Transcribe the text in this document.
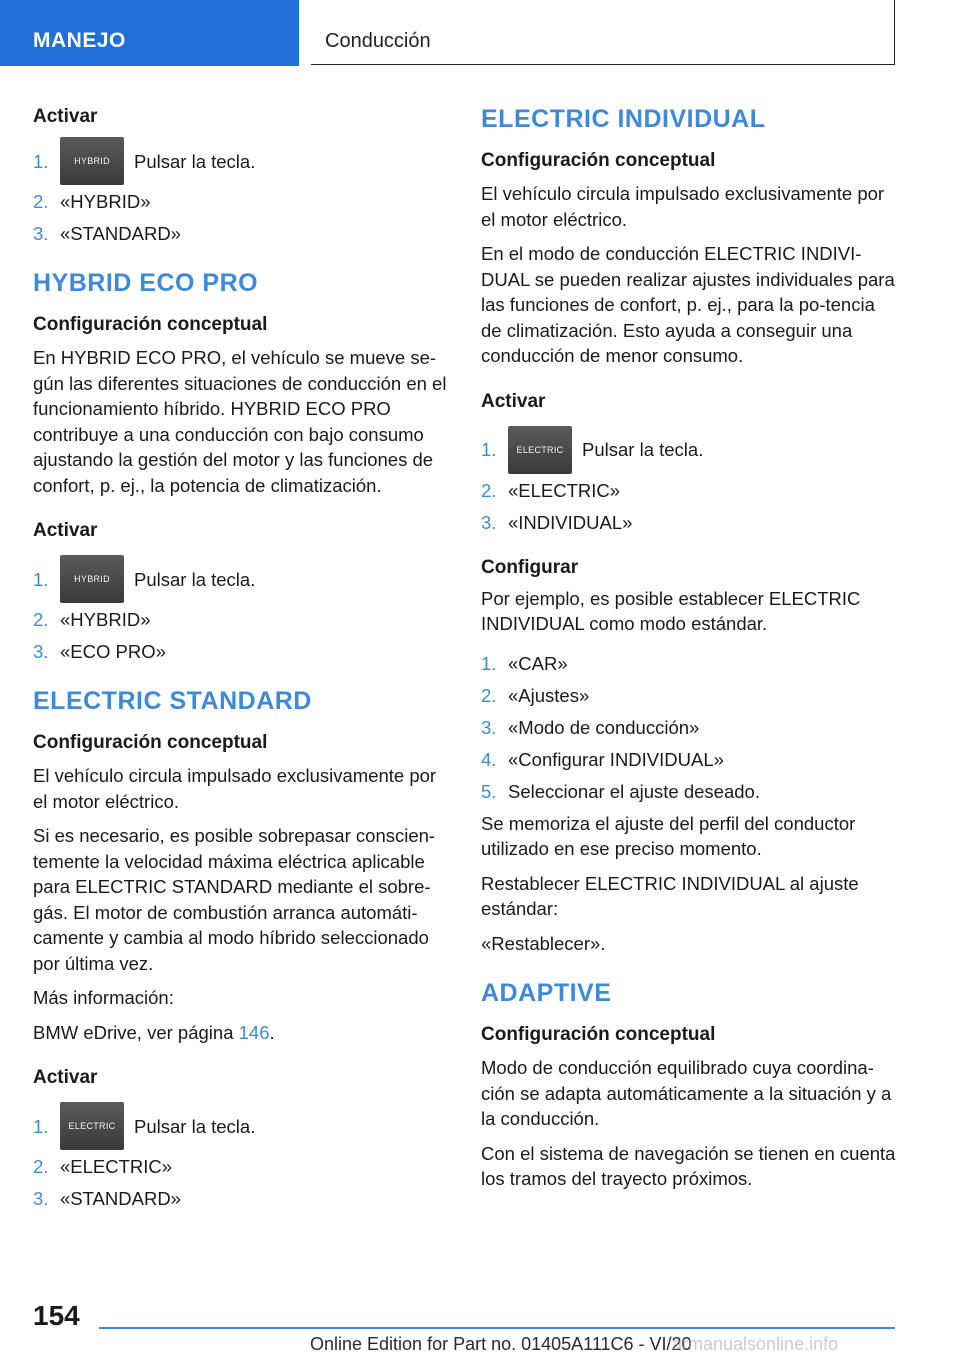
MANEJO	Conducción
Activar
1.	HYBRID	Pulsar la tecla.
2. «HYBRID»
3. «STANDARD»
HYBRID ECO PRO
Configuración conceptual

En HYBRID ECO PRO, el vehículo se mueve se‐gún las diferentes situaciones de conducción en el funcionamiento híbrido. HYBRID ECO PRO contribuye a una conducción con bajo consumo ajustando la gestión del motor y las funciones de confort, p. ej., la potencia de climatización.

Activar
1.	HYBRID	Pulsar la tecla.
2. «HYBRID»
3. «ECO PRO»
ELECTRIC STANDARD
Configuración conceptual

El vehículo circula impulsado exclusivamente por el motor eléctrico.

Si es necesario, es posible sobrepasar conscien‐temente la velocidad máxima eléctrica aplicable para ELECTRIC STANDARD mediante el sobre‐gás. El motor de combustión arranca automáti‐camente y cambia al modo híbrido seleccionado por última vez.

Más información:

BMW eDrive, ver página 146.

Activar
1.	ELECTRIC	Pulsar la tecla.
2. «ELECTRIC»
3. «STANDARD»
ELECTRIC INDIVIDUAL
Configuración conceptual

El vehículo circula impulsado exclusivamente por el motor eléctrico.

En el modo de conducción ELECTRIC INDIVI‐DUAL se pueden realizar ajustes individuales para las funciones de confort, p. ej., para la po‐tencia de climatización. Esto ayuda a conseguir una conducción de menor consumo.

Activar
1.	ELECTRIC	Pulsar la tecla.
2. «ELECTRIC»
3. «INDIVIDUAL»
Configurar

Por ejemplo, es posible establecer ELECTRIC INDIVIDUAL como modo estándar.

1. «CAR»
2. «Ajustes»
3. «Modo de conducción»
4. «Configurar INDIVIDUAL»
5. Seleccionar el ajuste deseado.

Se memoriza el ajuste del perfil del conductor utilizado en ese preciso momento.

Restablecer ELECTRIC INDIVIDUAL al ajuste estándar:

«Restablecer».

ADAPTIVE
Configuración conceptual

Modo de conducción equilibrado cuya coordina‐ción se adapta automáticamente a la situación y a la conducción.

Con el sistema de navegación se tienen en cuenta los tramos del trayecto próximos.

154
Online Edition for Part no. 01405A111C6 - VI/20
armanualsonline.info
